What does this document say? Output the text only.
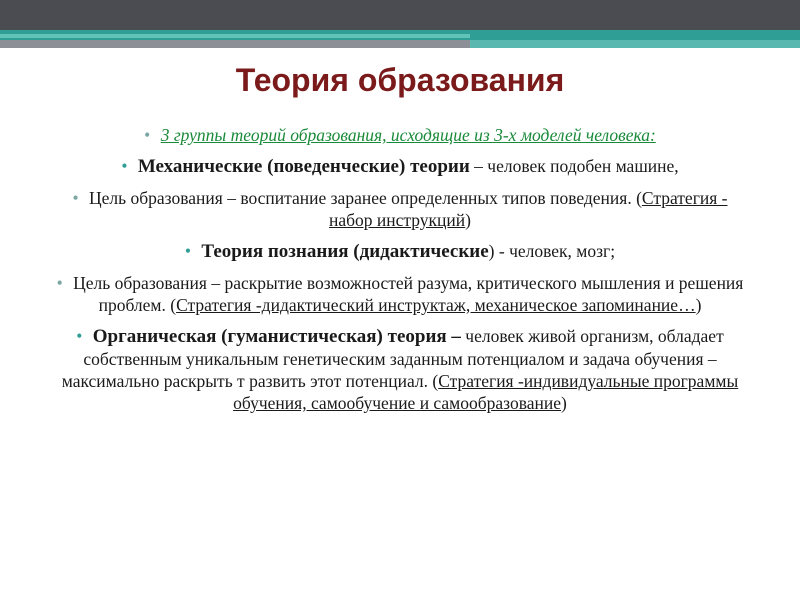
Теория образования
• 3 группы теорий образования, исходящие из 3-х моделей человека:
• Механические (поведенческие) теории – человек подобен машине,
• Цель образования – воспитание заранее определенных типов поведения. (Стратегия - набор инструкций)
• Теория познания (дидактические) - человек, мозг;
• Цель образования – раскрытие возможностей разума, критического мышления и решения проблем. (Стратегия -дидактический инструктаж, механическое запоминание…)
• Органическая (гуманистическая) теория – человек живой организм, обладает собственным уникальным генетическим заданным потенциалом и задача обучения – максимально раскрыть т развить этот потенциал. (Стратегия -индивидуальные программы обучения, самообучение и самообразование)
